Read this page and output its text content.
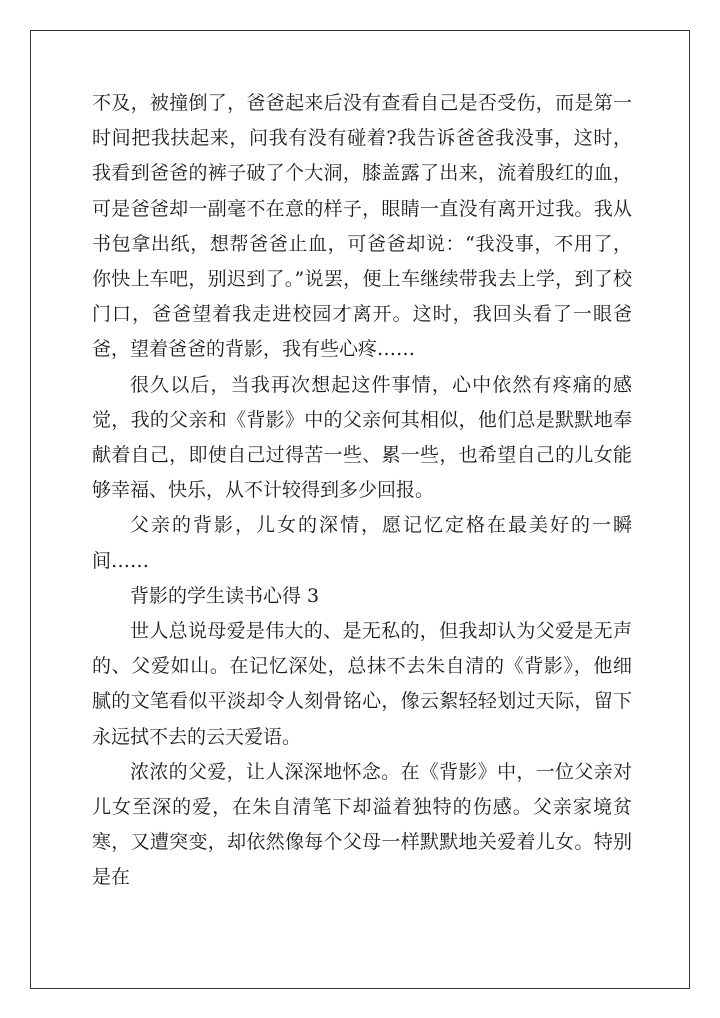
不及，被撞倒了，爸爸起来后没有查看自己是否受伤，而是第一时间把我扶起来，问我有没有碰着?我告诉爸爸我没事，这时，我看到爸爸的裤子破了个大洞，膝盖露了出来，流着殷红的血，可是爸爸却一副毫不在意的样子，眼睛一直没有离开过我。我从书包拿出纸，想帮爸爸止血，可爸爸却说：“我没事，不用了，你快上车吧，别迟到了。”说罢，便上车继续带我去上学，到了校门口，爸爸望着我走进校园才离开。这时，我回头看了一眼爸爸，望着爸爸的背影，我有些心疼……

很久以后，当我再次想起这件事情，心中依然有疼痛的感觉，我的父亲和《背影》中的父亲何其相似，他们总是默默地奉献着自己，即使自己过得苦一些、累一些，也希望自己的儿女能够幸福、快乐，从不计较得到多少回报。

父亲的背影，儿女的深情，愿记忆定格在最美好的一瞬间……

背影的学生读书心得 3

世人总说母爱是伟大的、是无私的，但我却认为父爱是无声的、父爱如山。在记忆深处，总抹不去朱自清的《背影》，他细腻的文笔看似平淡却令人刻骨铭心，像云絮轻轻划过天际，留下永远拭不去的云天爱语。

浓浓的父爱，让人深深地怀念。在《背影》中，一位父亲对儿女至深的爱，在朱自清笔下却溢着独特的伤感。父亲家境贫寒，又遭突变，却依然像每个父母一样默默地关爱着儿女。特别是在
